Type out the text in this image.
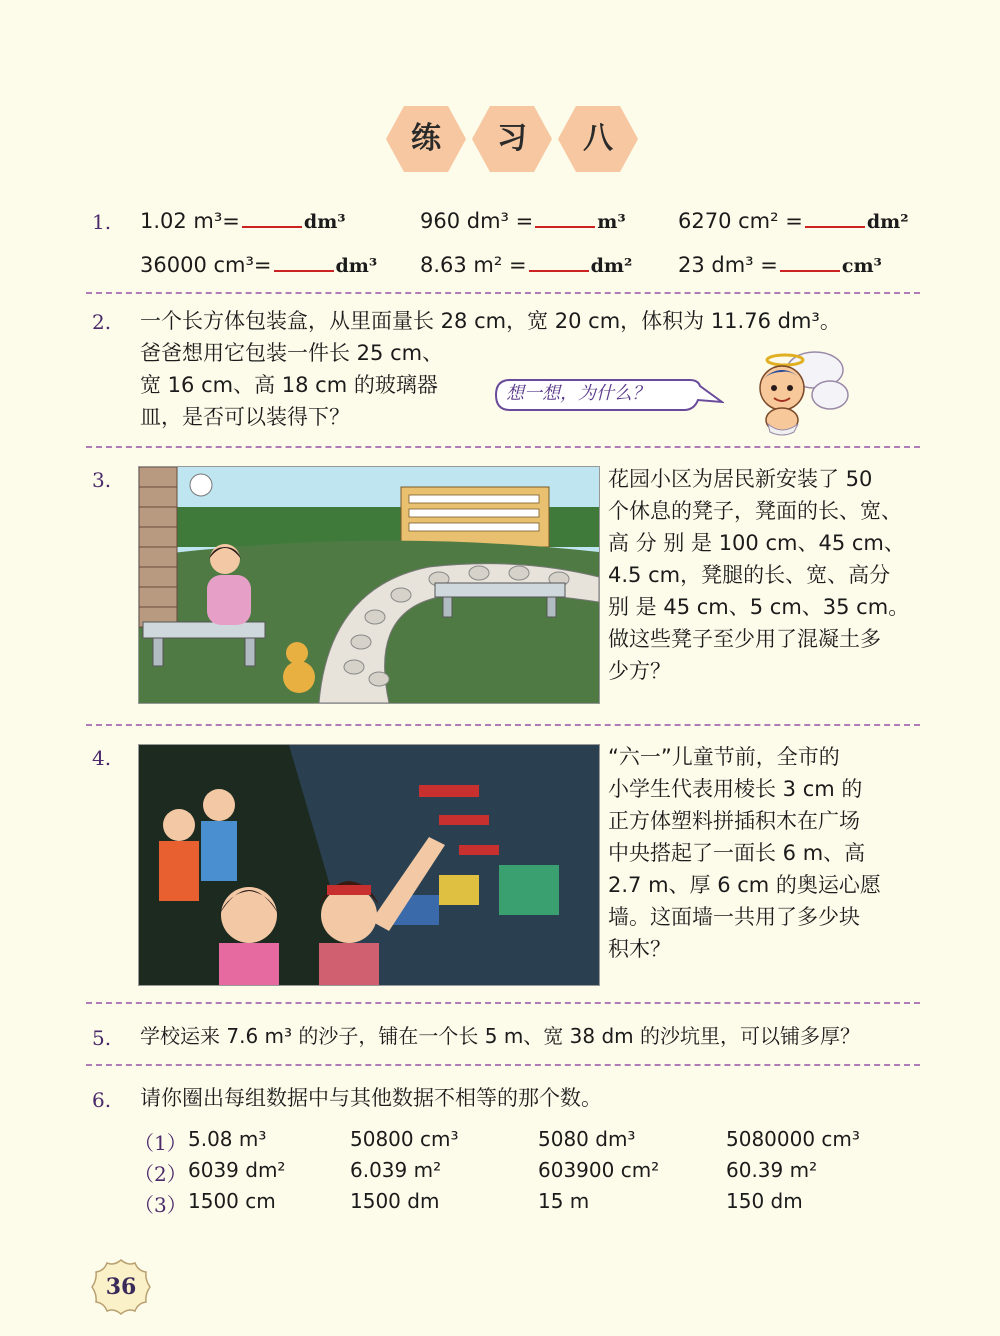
练	习	八
1. 1.02 m³=	dm³	960 dm³ =	m³ 6270 cm² =	dm²
36000 cm³=	dm³ 8.63 m² =	dm² 23 dm³ =	cm³
2. 一个长方体包装盒，从里面量长 28 cm，宽 20 cm，体积为 11.76 dm³。
爸爸想用它包装一件长 25 cm、
宽 16 cm、高 18 cm 的玻璃器
皿，是否可以装得下？
想一想，为什么？
3.	花园小区为居民新安装了 50
个休息的凳子，凳面的长、宽、
高 分 别 是 100 cm、45 cm、
4.5 cm，凳腿的长、宽、高分
别 是 45 cm、5 cm、35 cm。
做这些凳子至少用了混凝土多
少方？
4.	“六一”儿童节前，全市的
小学生代表用棱长 3 cm 的
正方体塑料拼插积木在广场
中央搭起了一面长 6 m、高
2.7 m、厚 6 cm 的奥运心愿
墙。这面墙一共用了多少块
积木？
5. 学校运来 7.6 m³ 的沙子，铺在一个长 5 m、宽 38 dm 的沙坑里，可以铺多厚？
6. 请你圈出每组数据中与其他数据不相等的那个数。
（1） 5.08 m³	50800 cm³	5080 dm³	5080000 cm³
（2） 6039 dm²	6.039 m²	603900 cm²	60.39 m²
（3） 1500 cm	1500 dm	15 m	150 dm
36
